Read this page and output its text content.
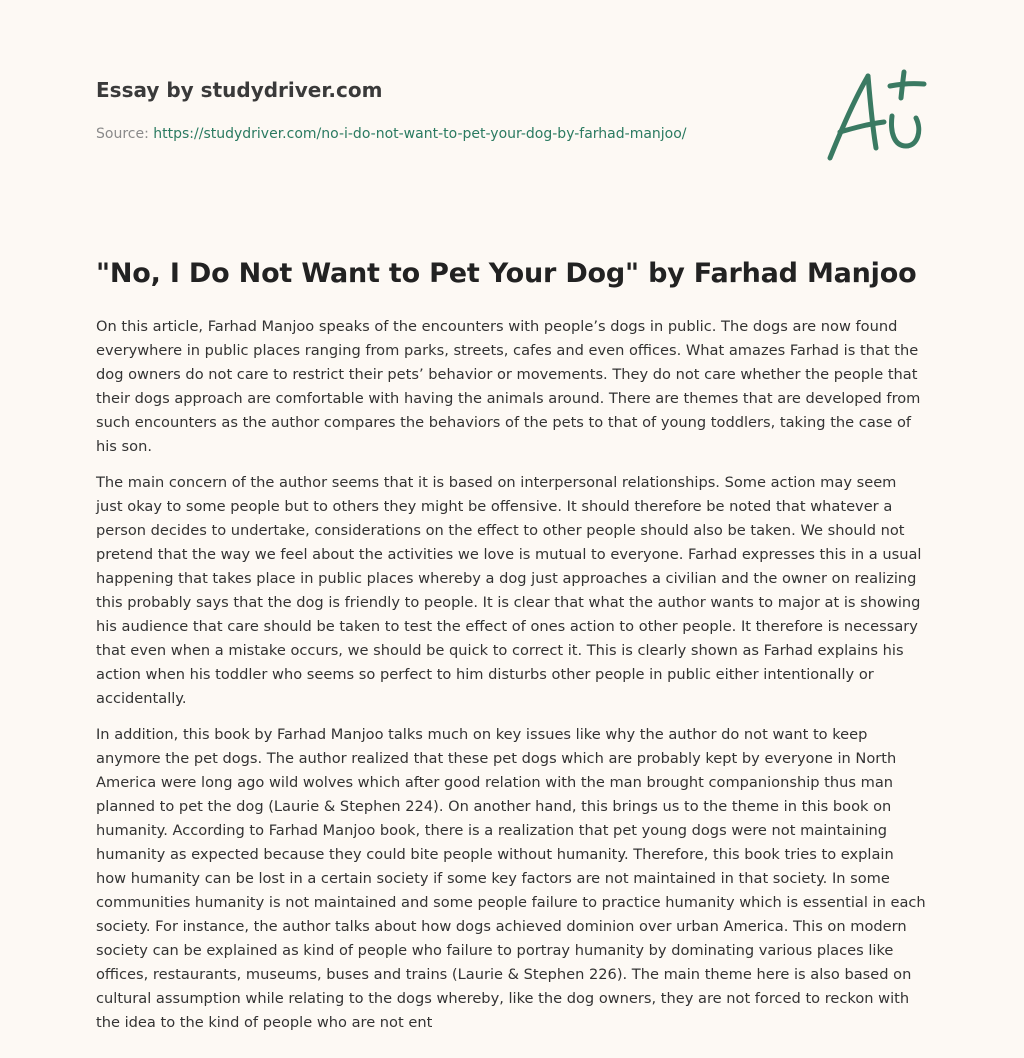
Essay by studydriver.com
Source: https://studydriver.com/no-i-do-not-want-to-pet-your-dog-by-farhad-manjoo/
"No, I Do Not Want to Pet Your Dog" by Farhad Manjoo

On this article, Farhad Manjoo speaks of the encounters with people’s dogs in public. The dogs are now found everywhere in public places ranging from parks, streets, cafes and even offices. What amazes Farhad is that the dog owners do not care to restrict their pets’ behavior or movements. They do not care whether the people that their dogs approach are comfortable with having the animals around. There are themes that are developed from such encounters as the author compares the behaviors of the pets to that of young toddlers, taking the case of his son.

The main concern of the author seems that it is based on interpersonal relationships. Some action may seem just okay to some people but to others they might be offensive. It should therefore be noted that whatever a person decides to undertake, considerations on the effect to other people should also be taken. We should not pretend that the way we feel about the activities we love is mutual to everyone. Farhad expresses this in a usual happening that takes place in public places whereby a dog just approaches a civilian and the owner on realizing this probably says that the dog is friendly to people. It is clear that what the author wants to major at is showing his audience that care should be taken to test the effect of ones action to other people. It therefore is necessary that even when a mistake occurs, we should be quick to correct it. This is clearly shown as Farhad explains his action when his toddler who seems so perfect to him disturbs other people in public either intentionally or accidentally.

In addition, this book by Farhad Manjoo talks much on key issues like why the author do not want to keep anymore the pet dogs. The author realized that these pet dogs which are probably kept by everyone in North America were long ago wild wolves which after good relation with the man brought companionship thus man planned to pet the dog (Laurie & Stephen 224). On another hand, this brings us to the theme in this book on humanity. According to Farhad Manjoo book, there is a realization that pet young dogs were not maintaining humanity as expected because they could bite people without humanity. Therefore, this book tries to explain how humanity can be lost in a certain society if some key factors are not maintained in that society. In some communities humanity is not maintained and some people failure to practice humanity which is essential in each society. For instance, the author talks about how dogs achieved dominion over urban America. This on modern society can be explained as kind of people who failure to portray humanity by dominating various places like offices, restaurants, museums, buses and trains (Laurie & Stephen 226). The main theme here is also based on cultural assumption while relating to the dogs whereby, like the dog owners, they are not forced to reckon with the idea to the kind of people who are not ent
